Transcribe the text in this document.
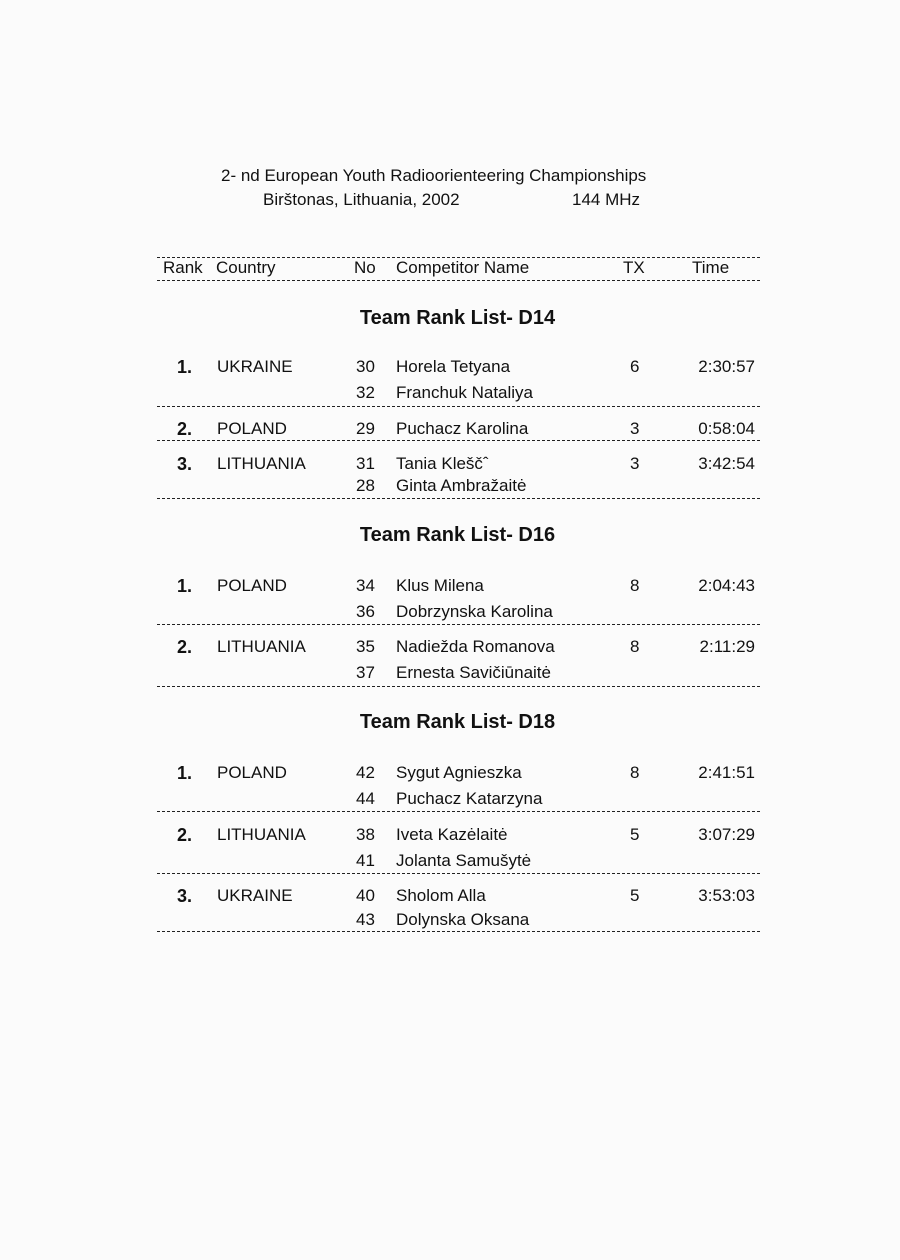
2- nd European Youth Radioorienteering Championships
Birštonas, Lithuania, 2002	144 MHz
Rank Country	No Competitor Name	TX	Time
Team Rank List- D14
1. UKRAINE	30 Horela Tetyana	6	2:30:57
32 Franchuk Nataliya
2. POLAND	29 Puchacz Karolina	3	0:58:04
3. LITHUANIA	31 Tania Kleščˆ	3	3:42:54
28 Ginta Ambražaitė
Team Rank List- D16
1. POLAND	34 Klus Milena	8	2:04:43
36 Dobrzynska Karolina
2. LITHUANIA	35 Nadiežda Romanova	8	2:11:29
37 Ernesta Savičiūnaitė
Team Rank List- D18
1. POLAND	42 Sygut Agnieszka	8	2:41:51
44 Puchacz Katarzyna
2. LITHUANIA	38 Iveta Kazėlaitė	5	3:07:29
41 Jolanta Samušytė
3. UKRAINE	40 Sholom Alla	5	3:53:03
43 Dolynska Oksana
